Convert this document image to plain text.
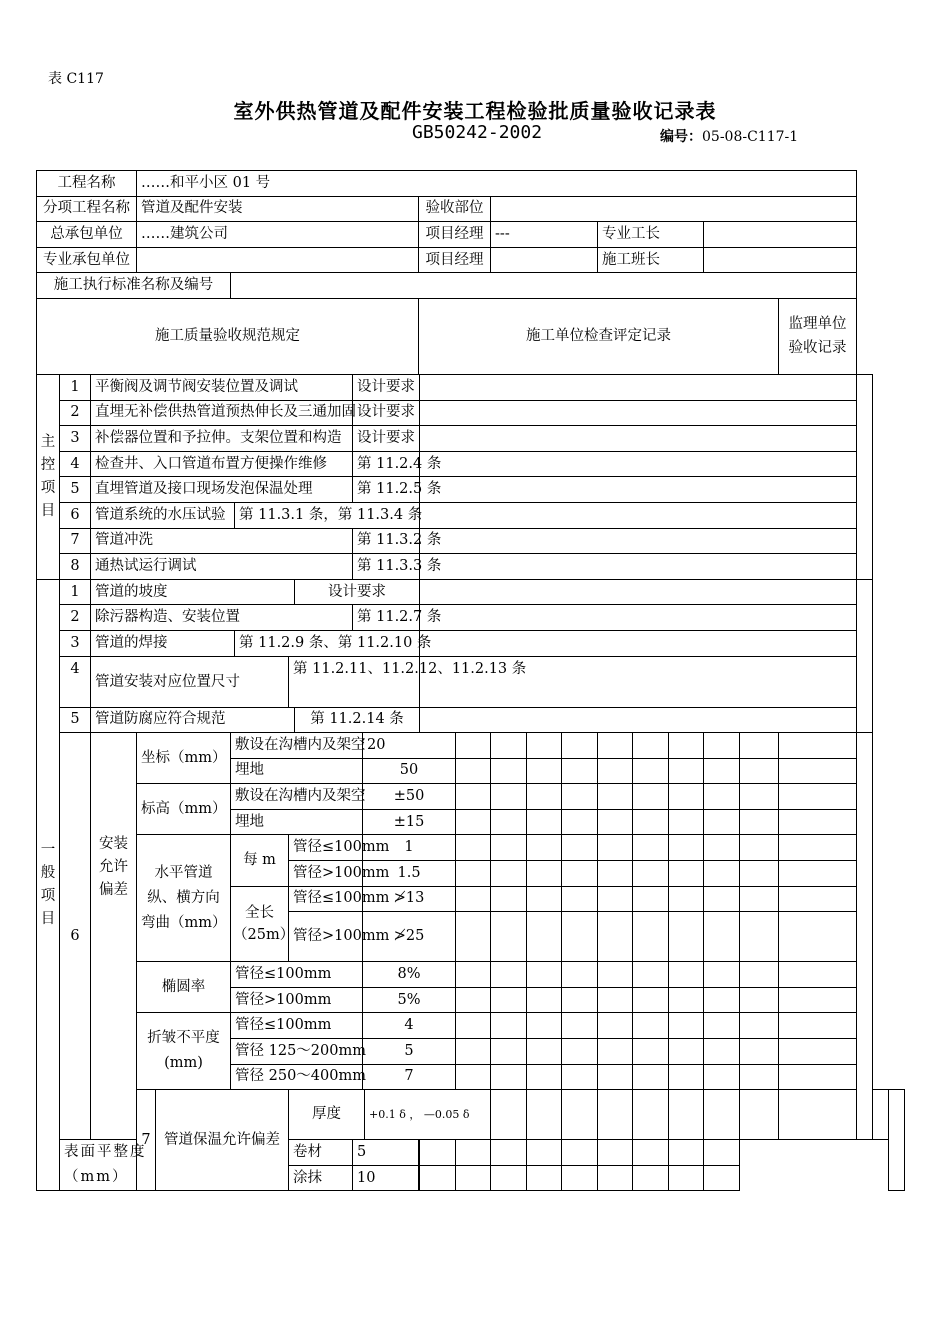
表 C117
室外供热管道及配件安装工程检验批质量验收记录表
GB50242-2002	编号：05-08-C117-1
工程名称			……和平小区 01 号																						
分项工程名称			管道及配件安装									验收部位													
总承包单位			……建筑公司									项目经理		---			专业工长								
专业承包单位												项目经理					施工班长								
施工执行标准名称及编号																									
施工质量验收规范规定												施工单位检查评定记录										监理单位验收记录			
主控项目	1	平衡阀及调节阀安装位置及调试							设计要求																
	2	直埋无补偿供热管道预热伸长及三通加固							设计要求																
	3	补偿器位置和予拉伸。支架位置和构造							设计要求																
	4	检查井、入口管道布置方便操作维修							第 11.2.4 条																
	5	直埋管道及接口现场发泡保温处理							第 11.2.5 条																
	6	管道系统的水压试验				第 11.3.1 条，第 11.3.4 条																			
	7	管道冲洗							第 11.3.2 条																
	8	通热试运行调试							第 11.3.3 条																
一般项目	1	管道的坡度						设计要求																	
	2	除污器构造、安装位置							第 11.2.7 条																
	3	管道的焊接				第 11.2.9 条、第 11.2.10 条																			
	4	管道安装对应位置尺寸					第 11.2.11、11.2.12、11.2.13 条																		
	5	管道防腐应符合规范						第 11.2.14 条																	
	6	安装允许偏差	坐标（mm）		敷设在沟槽内及架空					20															
					埋地					50															
			标高（mm）		敷设在沟槽内及架空					±50															
					埋地					±15															
			水平管道纵、横方向弯曲（mm）		每 m		管径≤100mm			1															
							管径>100mm			1.5															
					全长（25m）		管径≤100mm			≯13															
							管径>100mm			≯25															
			椭圆率		管径≤100mm					8%															
					管径>100mm					5%															
			折皱不平度(mm)		管径≤100mm					4															
					管径 125～200mm					5															
					管径 250～400mm					7															
			7	管道保温允许偏差			厚度				+0.1 δ ， —0.05 δ														
	表面平整度（mm）						卷材		5																
							涂抹		10																
